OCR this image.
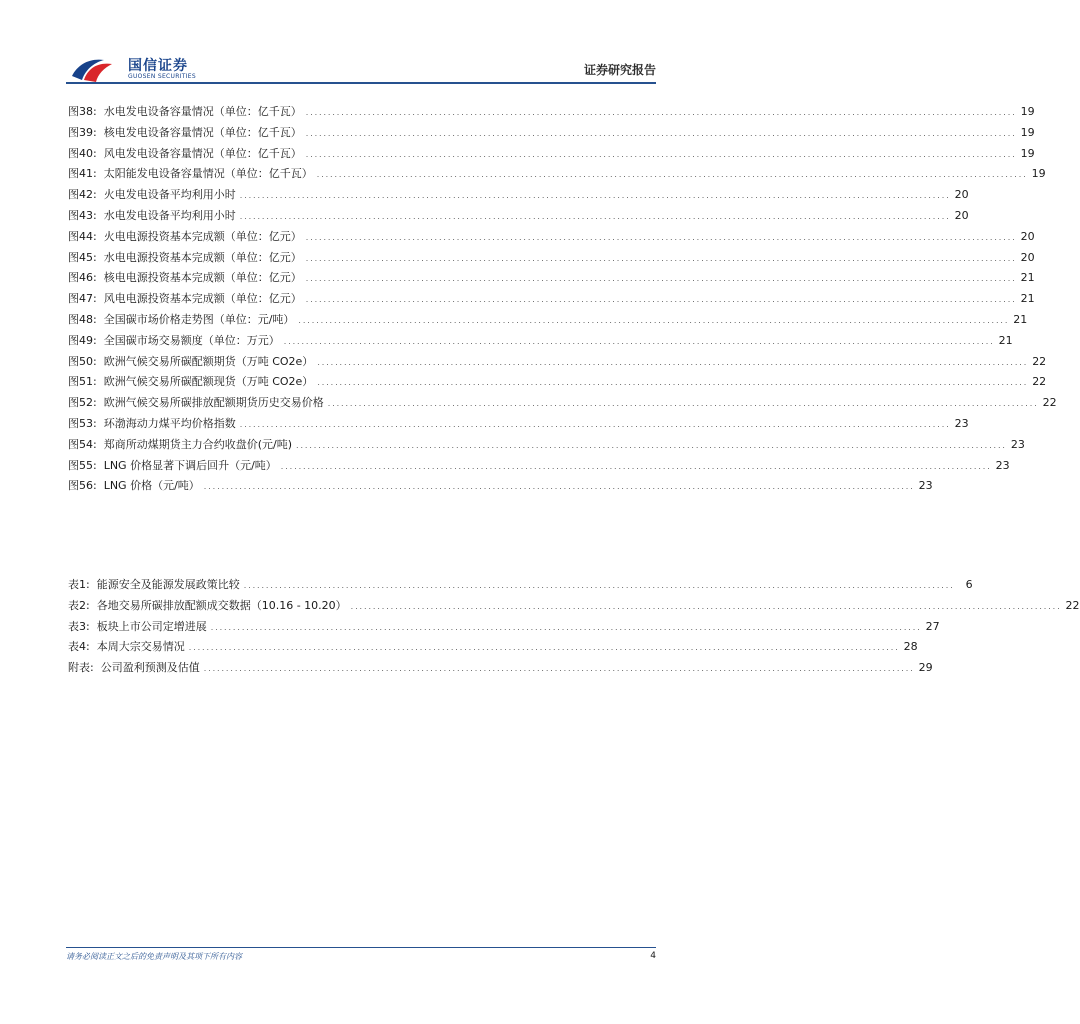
国信证券
GUOSEN SECURITIES	证券研究报告
图38: 水电发电设备容量情况（单位：亿千瓦） ................................................................................................................................................................ 19
图39: 核电发电设备容量情况（单位：亿千瓦） ................................................................................................................................................................ 19
图40: 风电发电设备容量情况（单位：亿千瓦） ................................................................................................................................................................ 19
图41: 太阳能发电设备容量情况（单位：亿千瓦） ................................................................................................................................................................ 19
图42: 火电发电设备平均利用小时 ................................................................................................................................................................ 20
图43: 水电发电设备平均利用小时 ................................................................................................................................................................ 20
图44: 火电电源投资基本完成额（单位：亿元） ................................................................................................................................................................ 20
图45: 水电电源投资基本完成额（单位：亿元） ................................................................................................................................................................ 20
图46: 核电电源投资基本完成额（单位：亿元） ................................................................................................................................................................ 21
图47: 风电电源投资基本完成额（单位：亿元） ................................................................................................................................................................ 21
图48: 全国碳市场价格走势图（单位：元/吨） ................................................................................................................................................................ 21
图49: 全国碳市场交易额度（单位：万元） ................................................................................................................................................................ 21
图50: 欧洲气候交易所碳配额期货（万吨 CO2e） ................................................................................................................................................................ 22
图51: 欧洲气候交易所碳配额现货（万吨 CO2e） ................................................................................................................................................................ 22
图52: 欧洲气候交易所碳排放配额期货历史交易价格 ................................................................................................................................................................ 22
图53: 环渤海动力煤平均价格指数 ................................................................................................................................................................ 23
图54: 郑商所动煤期货主力合约收盘价(元/吨) ................................................................................................................................................................ 23
图55: LNG 价格显著下调后回升（元/吨） ................................................................................................................................................................ 23
图56: LNG 价格（元/吨） ................................................................................................................................................................ 23
表1: 能源安全及能源发展政策比较 ................................................................................................................................................................	6
表2: 各地交易所碳排放配额成交数据（10.16 - 10.20） ................................................................................................................................................................ 22
表3: 板块上市公司定增进展 ................................................................................................................................................................ 27
表4: 本周大宗交易情况 ................................................................................................................................................................ 28
附表: 公司盈利预测及估值 ................................................................................................................................................................ 29
请务必阅读正文之后的免责声明及其项下所有内容	4
